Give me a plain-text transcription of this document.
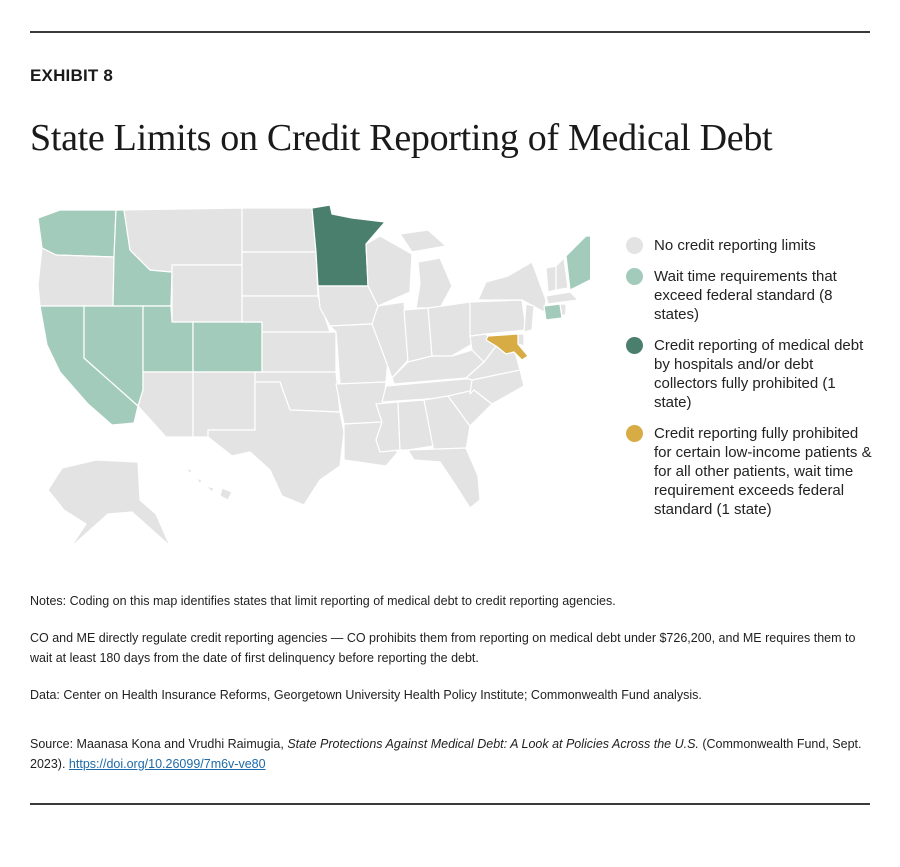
EXHIBIT 8
State Limits on Credit Reporting of Medical Debt
No credit reporting limits
Wait time requirements that exceed federal standard (8 states)
Credit reporting of medical debt by hospitals and/or debt collectors fully prohibited (1 state)
Credit reporting fully prohibited for certain low-income patients & for all other patients, wait time requirement exceeds federal standard (1 state)
Notes: Coding on this map identifies states that limit reporting of medical debt to credit reporting agencies.
CO and ME directly regulate credit reporting agencies — CO prohibits them from reporting on medical debt under $726,200, and ME requires them to wait at least 180 days from the date of first delinquency before reporting the debt.
Data: Center on Health Insurance Reforms, Georgetown University Health Policy Institute; Commonwealth Fund analysis.
Source: Maanasa Kona and Vrudhi Raimugia, State Protections Against Medical Debt: A Look at Policies Across the U.S. (Commonwealth Fund, Sept. 2023). https://doi.org/10.26099/7m6v-ve80
